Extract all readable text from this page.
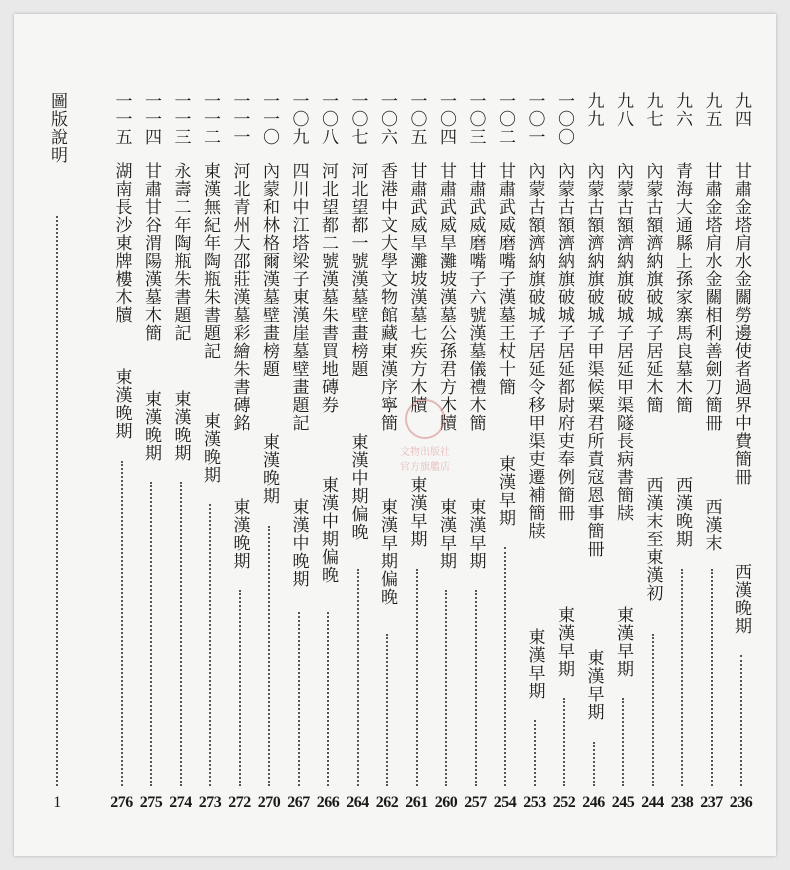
圖版說明
1
九四
甘肅金塔肩水金關勞邊使者過界中費簡冊
西漢晚期
236
九五
甘肅金塔肩水金關相利善劍刀簡冊
西漢末
237
九六
青海大通縣上孫家寨馬良墓木簡
西漢晚期
238
九七
內蒙古額濟納旗破城子居延木簡
西漢末至東漢初
244
九八
內蒙古額濟納旗破城子居延甲渠隧長病書簡牍
東漢早期
245
九九
內蒙古額濟納旗破城子甲渠候粟君所責寇恩事簡冊
東漢早期
246
一〇〇
內蒙古額濟納旗破城子居延都尉府吏奉例簡冊
東漢早期
252
一〇一
內蒙古額濟納旗破城子居延令移甲渠吏遷補簡牍
東漢早期
253
一〇二
甘肅武威磨嘴子漢墓王杖十簡
東漢早期
254
一〇三
甘肅武威磨嘴子六號漢墓儀禮木簡
東漢早期
257
一〇四
甘肅武威旱灘坡漢墓公孫君方木牘
東漢早期
260
一〇五
甘肅武威旱灘坡漢墓七疾方木牘
東漢早期
261
一〇六
香港中文大學文物館藏東漢序寧簡
東漢早期偏晚
262
一〇七
河北望都一號漢墓壁畫榜題
東漢中期偏晚
264
一〇八
河北望都二號漢墓朱書買地磚券
東漢中期偏晚
266
一〇九
四川中江塔梁子東漢崖墓壁畫題記
東漢中晚期
267
一一〇
內蒙和林格爾漢墓壁畫榜題
東漢晚期
270
一一一
河北青州大邵莊漢墓彩繪朱書磚銘
東漢晚期
272
一一二
東漢無紀年陶瓶朱書題記
東漢晚期
273
一一三
永壽二年陶瓶朱書題記
東漢晚期
274
一一四
甘肅甘谷渭陽漢墓木簡
東漢晚期
275
一一五
湖南長沙東牌樓木牘
東漢晚期
276
文物出版社
官方旗艦店
